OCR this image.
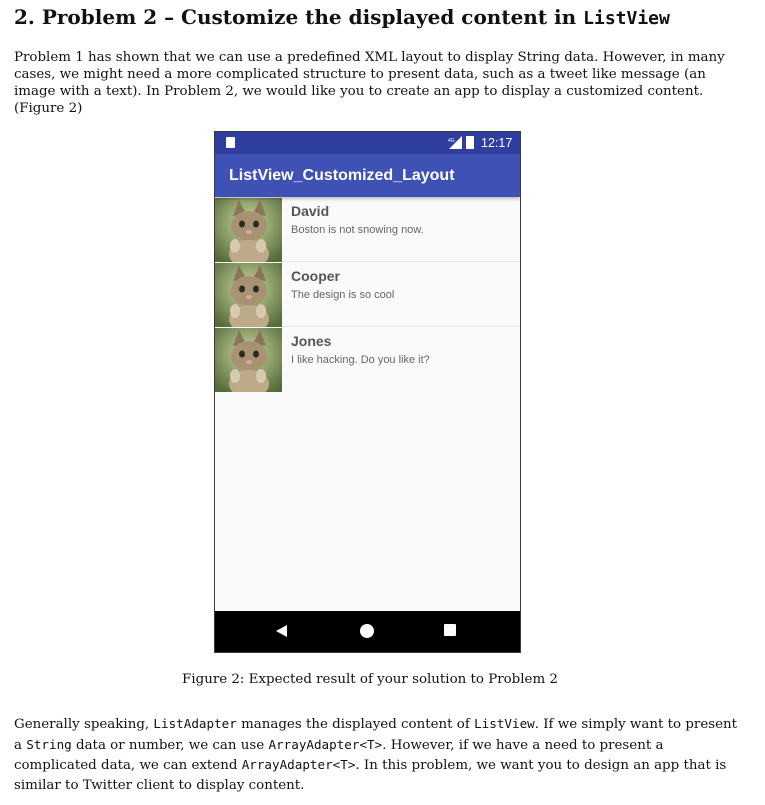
2. Problem 2 – Customize the displayed content in ListView
Problem 1 has shown that we can use a predefined XML layout to display String data. However, in many cases, we might need a more complicated structure to present data, such as a tweet like message (an image with a text). In Problem 2, we would like you to create an app to display a customized content. (Figure 2)
4G 12:17
ListView_Customized_Layout
David
Boston is not snowing now.
Cooper
The design is so cool
Jones
I like hacking. Do you like it?
Figure 2: Expected result of your solution to Problem 2
Generally speaking, ListAdapter manages the displayed content of ListView. If we simply want to present a String data or number, we can use ArrayAdapter<T>. However, if we have a need to present a complicated data, we can extend ArrayAdapter<T>. In this problem, we want you to design an app that is similar to Twitter client to display content.
